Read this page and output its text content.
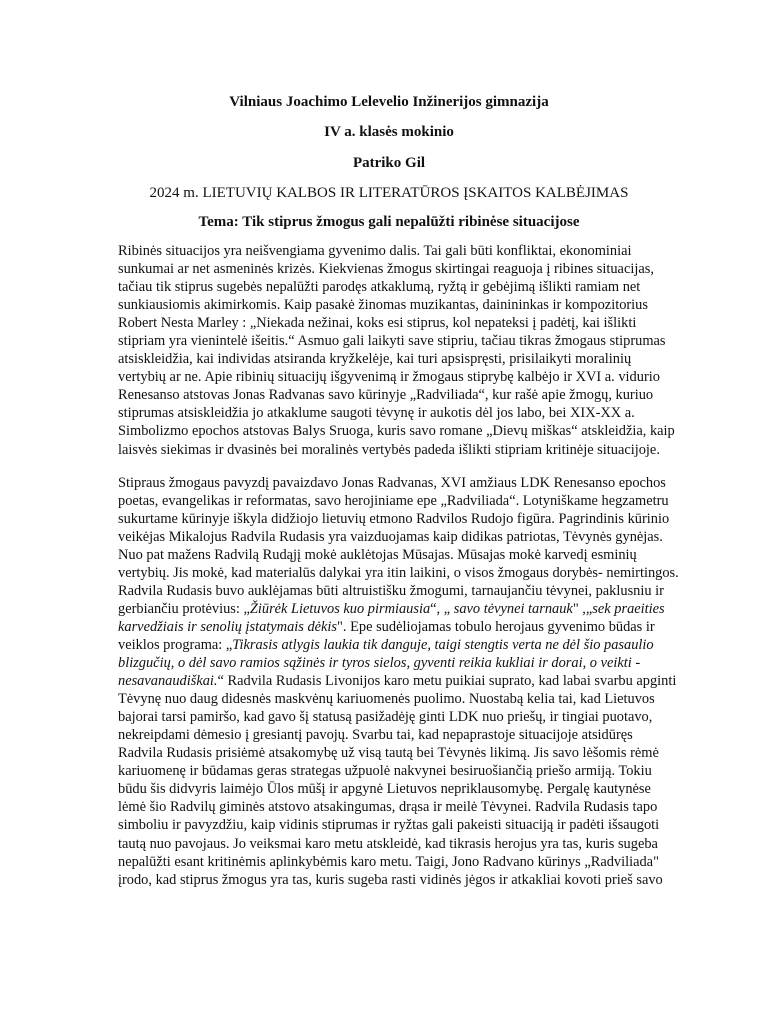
Vilniaus Joachimo Lelevelio Inžinerijos gimnazija

IV a. klasės mokinio

Patriko Gil

2024 m. LIETUVIŲ KALBOS IR LITERATŪROS ĮSKAITOS KALBĖJIMAS

Tema: Tik stiprus žmogus gali nepalūžti ribinėse situacijose

Ribinės situacijos yra neišvengiama gyvenimo dalis. Tai gali būti konfliktai, ekonominiai
sunkumai ar net asmeninės krizės. Kiekvienas žmogus skirtingai reaguoja į ribines situacijas,
tačiau tik stiprus sugebės nepalūžti parodęs atkaklumą, ryžtą ir gebėjimą išlikti ramiam net
sunkiausiomis akimirkomis. Kaip pasakė žinomas muzikantas, dainininkas ir kompozitorius
Robert Nesta Marley : „Niekada nežinai, koks esi stiprus, kol nepateksi į padėtį, kai išlikti
stipriam yra vienintelė išeitis.“ Asmuo gali laikyti save stipriu, tačiau tikras žmogaus stiprumas
atsiskleidžia, kai individas atsiranda kryžkelėje, kai turi apsispręsti, prisilaikyti moralinių
vertybių ar ne. Apie ribinių situacijų išgyvenimą ir žmogaus stiprybę kalbėjo ir XVI a. vidurio
Renesanso atstovas Jonas Radvanas savo kūrinyje „Radviliada“, kur rašė apie žmogų, kuriuo
stiprumas atsiskleidžia jo atkaklume saugoti tėvynę ir aukotis dėl jos labo, bei XIX-XX a.
Simbolizmo epochos atstovas Balys Sruoga, kuris savo romane „Dievų miškas“ atskleidžia, kaip
laisvės siekimas ir dvasinės bei moralinės vertybės padeda išlikti stipriam kritinėje situacijoje.

Stipraus žmogaus pavyzdį pavaizdavo Jonas Radvanas, XVI amžiaus LDK Renesanso epochos
poetas, evangelikas ir reformatas, savo herojiniame epe „Radviliada“. Lotyniškame hegzametru
sukurtame kūrinyje iškyla didžiojo lietuvių etmono Radvilos Rudojo figūra. Pagrindinis kūrinio
veikėjas Mikalojus Radvila Rudasis yra vaizduojamas kaip didikas patriotas, Tėvynės gynėjas.
Nuo pat mažens Radvilą Rudąjį mokė auklėtojas Mūsajas. Mūsajas mokė karvedį esminių
vertybių. Jis mokė, kad materialūs dalykai yra itin laikini, o visos žmogaus dorybės- nemirtingos.
Radvila Rudasis buvo auklėjamas būti altruistišku žmogumi, tarnaujančiu tėvynei, paklusniu ir
gerbiančiu protėvius: „Žiūrėk Lietuvos kuo pirmiausia“, „ savo tėvynei tarnauk" ,„sek praeities
karvedžiais ir senolių įstatymais dėkis". Epe sudėliojamas tobulo herojaus gyvenimo būdas ir
veiklos programa: „Tikrasis atlygis laukia tik danguje, taigi stengtis verta ne dėl šio pasaulio
blizgučių, o dėl savo ramios sąžinės ir tyros sielos, gyventi reikia kukliai ir dorai, o veikti -
nesavanaudiškai.“ Radvila Rudasis Livonijos karo metu puikiai suprato, kad labai svarbu apginti
Tėvynę nuo daug didesnės maskvėnų kariuomenės puolimo. Nuostabą kelia tai, kad Lietuvos
bajorai tarsi pamiršo, kad gavo šį statusą pasižadėję ginti LDK nuo priešų, ir tingiai puotavo,
nekreipdami dėmesio į gresiantį pavojų. Svarbu tai, kad nepaprastoje situacijoje atsidūręs
Radvila Rudasis prisiėmė atsakomybę už visą tautą bei Tėvynės likimą. Jis savo lėšomis rėmė
kariuomenę ir būdamas geras strategas užpuolė nakvynei besiruošiančią priešo armiją. Tokiu
būdu šis didvyris laimėjo Ūlos mūšį ir apgynė Lietuvos nepriklausomybę. Pergalę kautynėse
lėmė šio Radvilų giminės atstovo atsakingumas, drąsa ir meilė Tėvynei. Radvila Rudasis tapo
simboliu ir pavyzdžiu, kaip vidinis stiprumas ir ryžtas gali pakeisti situaciją ir padėti išsaugoti
tautą nuo pavojaus. Jo veiksmai karo metu atskleidė, kad tikrasis herojus yra tas, kuris sugeba
nepalūžti esant kritinėmis aplinkybėmis karo metu. Taigi, Jono Radvano kūrinys „Radviliada"
įrodo, kad stiprus žmogus yra tas, kuris sugeba rasti vidinės jėgos ir atkakliai kovoti prieš savo
